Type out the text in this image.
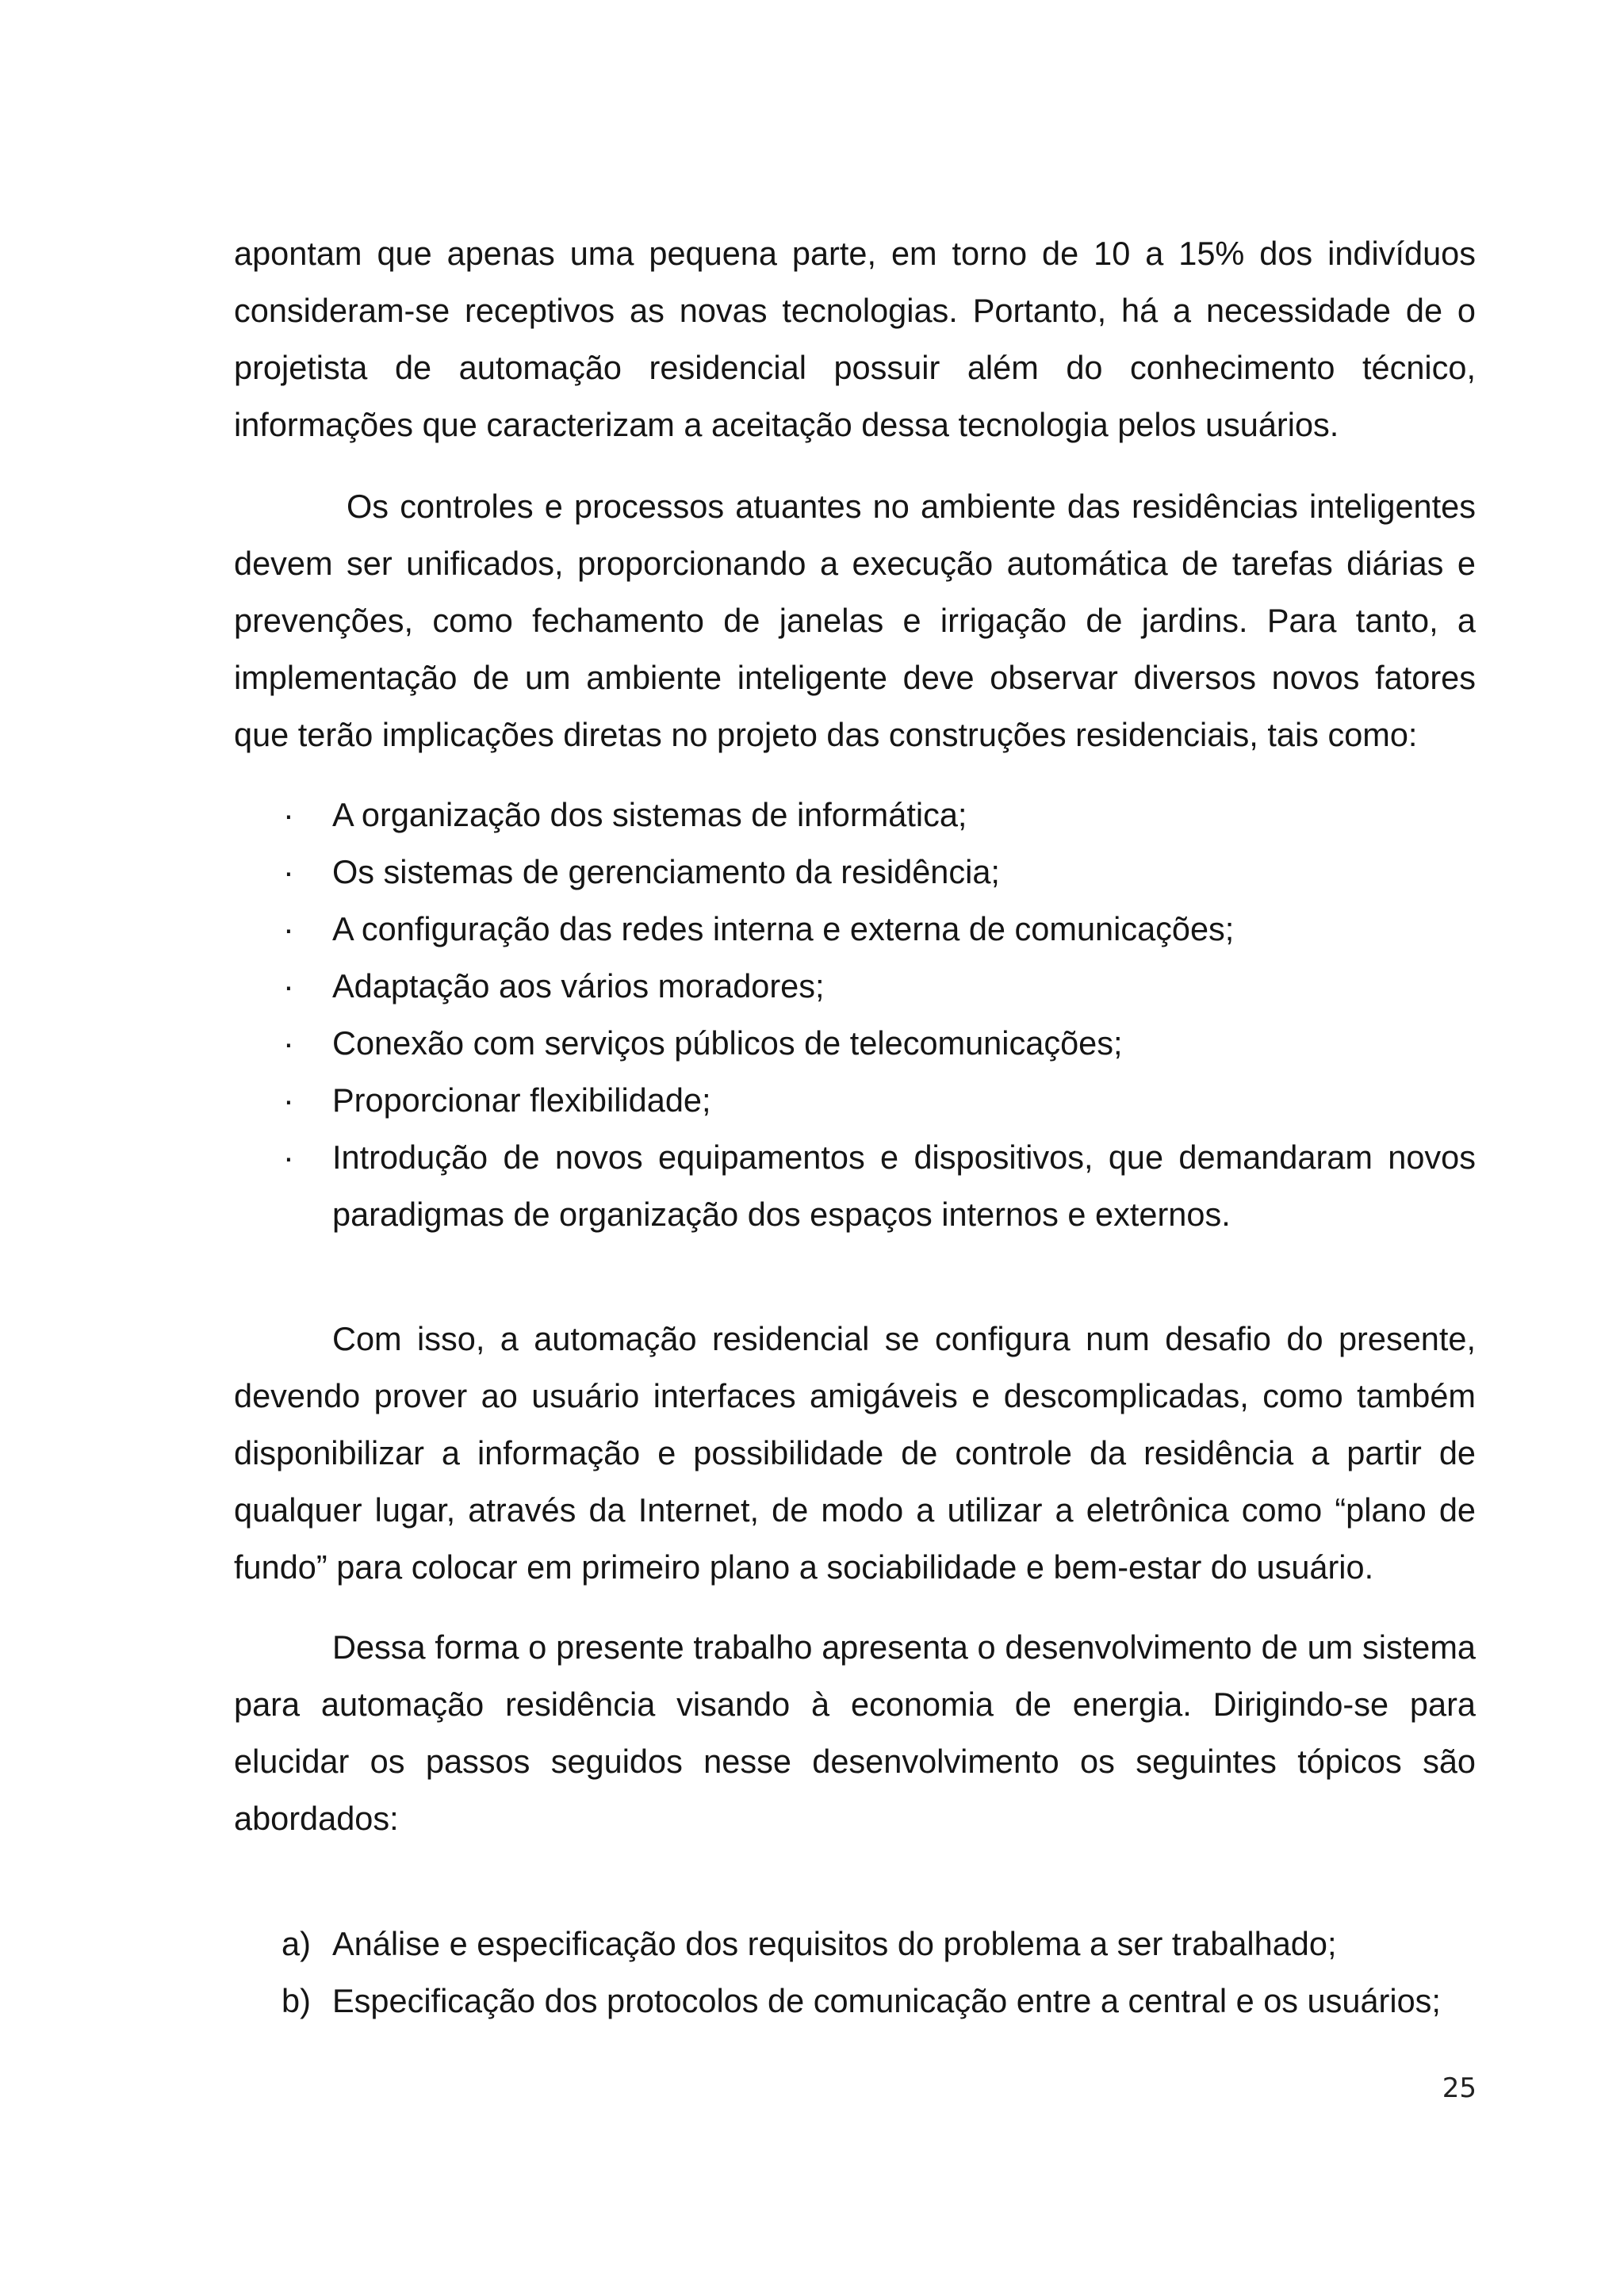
apontam que apenas uma pequena parte, em torno de 10 a 15% dos indivíduos consideram-se receptivos as novas tecnologias. Portanto, há a necessidade de o projetista de automação residencial possuir além do conhecimento técnico, informações que caracterizam a aceitação dessa tecnologia pelos usuários.

Os controles e processos atuantes no ambiente das residências inteligentes devem ser unificados, proporcionando a execução automática de tarefas diárias e prevenções, como fechamento de janelas e irrigação de jardins. Para tanto, a implementação de um ambiente inteligente deve observar diversos novos fatores que terão implicações diretas no projeto das construções residenciais, tais como:

· A organização dos sistemas de informática;
· Os sistemas de gerenciamento da residência;
· A configuração das redes interna e externa de comunicações;
· Adaptação aos vários moradores;
· Conexão com serviços públicos de telecomunicações;
· Proporcionar flexibilidade;
· Introdução de novos equipamentos e dispositivos, que demandaram novos paradigmas de organização dos espaços internos e externos.

Com isso, a automação residencial se configura num desafio do presente, devendo prover ao usuário interfaces amigáveis e descomplicadas, como também disponibilizar a informação e possibilidade de controle da residência a partir de qualquer lugar, através da Internet, de modo a utilizar a eletrônica como “plano de fundo” para colocar em primeiro plano a sociabilidade e bem-estar do usuário.

Dessa forma o presente trabalho apresenta o desenvolvimento de um sistema para automação residência visando à economia de energia. Dirigindo-se para elucidar os passos seguidos nesse desenvolvimento os seguintes tópicos são abordados:

a) Análise e especificação dos requisitos do problema a ser trabalhado;
b) Especificação dos protocolos de comunicação entre a central e os usuários;
25
